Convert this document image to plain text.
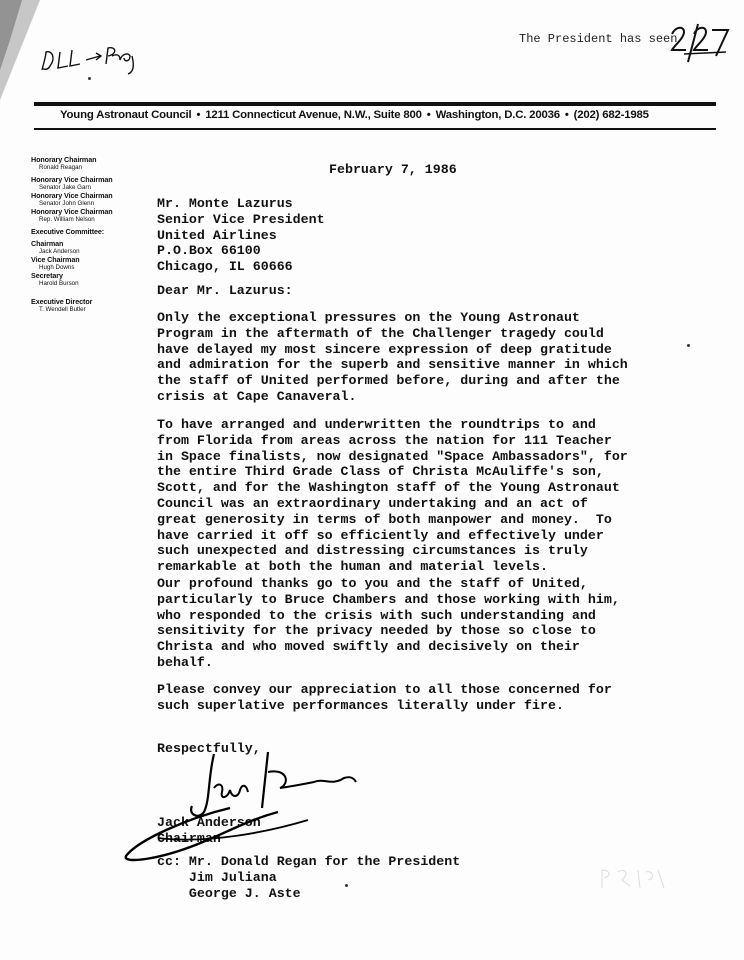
The President has seen
Young Astronaut Council • 1211 Connecticut Avenue, N.W., Suite 800 • Washington, D.C. 20036 • (202) 682-1985
Honorary Chairman
Ronald Reagan
Honorary Vice Chairman
Senator Jake Garn
Honorary Vice Chairman
Senator John Glenn
Honorary Vice Chairman
Rep. William Nelson
Executive Committee:
Chairman
Jack Anderson
Vice Chairman
Hugh Downs
Secretary
Harold Burson
Executive Director
T. Wendell Butler
February 7, 1986
Mr. Monte Lazurus
Senior Vice President
United Airlines
P.O.Box 66100
Chicago, IL 60666
Dear Mr. Lazurus:
Only the exceptional pressures on the Young Astronaut
Program in the aftermath of the Challenger tragedy could
have delayed my most sincere expression of deep gratitude
and admiration for the superb and sensitive manner in which
the staff of United performed before, during and after the
crisis at Cape Canaveral.
To have arranged and underwritten the roundtrips to and
from Florida from areas across the nation for 111 Teacher
in Space finalists, now designated "Space Ambassadors", for
the entire Third Grade Class of Christa McAuliffe's son,
Scott, and for the Washington staff of the Young Astronaut
Council was an extraordinary undertaking and an act of
great generosity in terms of both manpower and money.  To
have carried it off so efficiently and effectively under
such unexpected and distressing circumstances is truly
remarkable at both the human and material levels.
Our profound thanks go to you and the staff of United,
particularly to Bruce Chambers and those working with him,
who responded to the crisis with such understanding and
sensitivity for the privacy needed by those so close to
Christa and who moved swiftly and decisively on their
behalf.
Please convey our appreciation to all those concerned for
such superlative performances literally under fire.
Respectfully,
Jack Anderson
Chairman
cc: Mr. Donald Regan for the President
Jim Juliana
George J. Aste
